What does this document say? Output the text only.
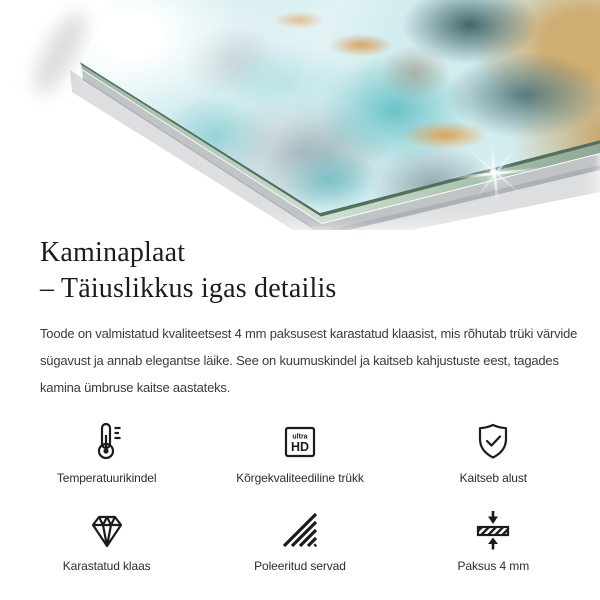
Kaminaplaat
– Täiuslikkus igas detailis

Toode on valmistatud kvaliteetsest 4 mm paksusest karastatud klaasist, mis rõhutab trüki värvide
sügavust ja annab elegantse läike. See on kuumuskindel ja kaitseb kahjustuste eest, tagades
kamina ümbruse kaitse aastateks.

Temperatuurikindel
ultra
HD
Kõrgekvaliteediline trükk	Kaitseb alust
Karastatud klaas	Poleeritud servad	Paksus 4 mm
